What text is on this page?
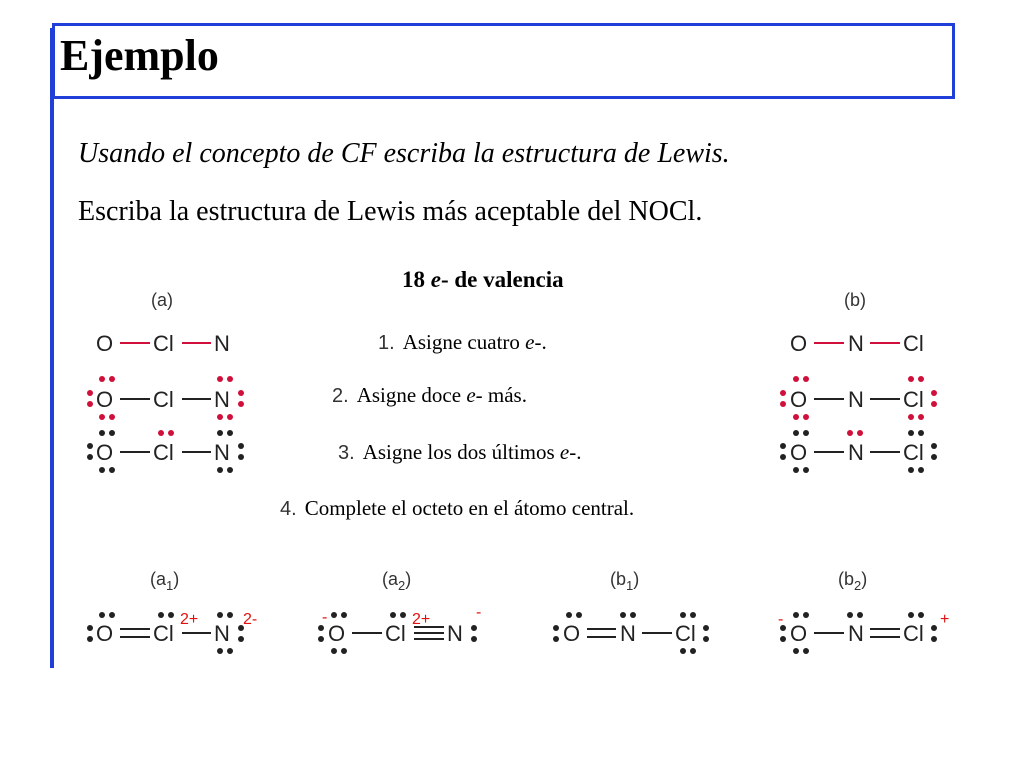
Ejemplo
Usando el concepto de CF escriba la estructura de Lewis.
Escriba la estructura de Lewis más aceptable del NOCl.
18 e- de valencia
1. Asigne cuatro e-.
2. Asigne doce e- más.
3. Asigne los dos últimos e-.
4. Complete el octeto en el átomo central.
(a)	(b)
$(a_1)$	$(a_2)$	$(b_1)$	$(b_2)$
O Cl N
O Cl N
O Cl N
O N Cl
O N Cl
O N Cl
O Cl N
2+	2-
O Cl N
-	2+	-
O N Cl	O N Cl
-	+
